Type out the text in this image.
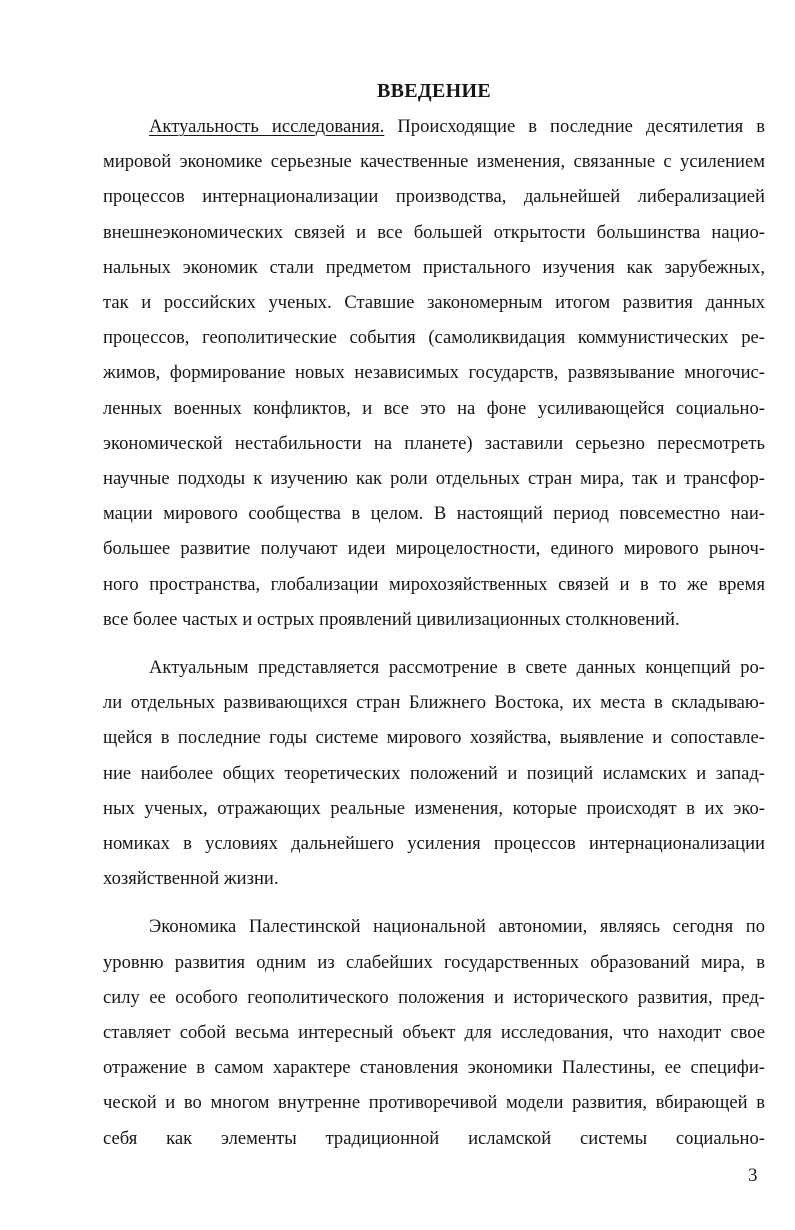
ВВЕДЕНИЕ

Актуальность исследования. Происходящие в последние десятилетия в
мировой экономике серьезные качественные изменения, связанные с усилением
процессов интернационализации производства, дальнейшей либерализацией
внешнеэкономических связей и все большей открытости большинства нацио-
нальных экономик стали предметом пристального изучения как зарубежных,
так и российских ученых. Ставшие закономерным итогом развития данных
процессов, геополитические события (самоликвидация коммунистических ре-
жимов, формирование новых независимых государств, развязывание многочис-
ленных военных конфликтов, и все это на фоне усиливающейся социально-
экономической нестабильности на планете) заставили серьезно пересмотреть
научные подходы к изучению как роли отдельных стран мира, так и трансфор-
мации мирового сообщества в целом. В настоящий период повсеместно наи-
большее развитие получают идеи мироцелостности, единого мирового рыноч-
ного пространства, глобализации мирохозяйственных связей и в то же время
все более частых и острых проявлений цивилизационных столкновений.

Актуальным представляется рассмотрение в свете данных концепций ро-
ли отдельных развивающихся стран Ближнего Востока, их места в складываю-
щейся в последние годы системе мирового хозяйства, выявление и сопоставле-
ние наиболее общих теоретических положений и позиций исламских и запад-
ных ученых, отражающих реальные изменения, которые происходят в их эко-
номиках в условиях дальнейшего усиления процессов интернационализации
хозяйственной жизни.

Экономика Палестинской национальной автономии, являясь сегодня по
уровню развития одним из слабейших государственных образований мира, в
силу ее особого геополитического положения и исторического развития, пред-
ставляет собой весьма интересный объект для исследования, что находит свое
отражение в самом характере становления экономики Палестины, ее специфи-
ческой и во многом внутренне противоречивой модели развития, вбирающей в
себя как элементы традиционной исламской системы социально-

3
